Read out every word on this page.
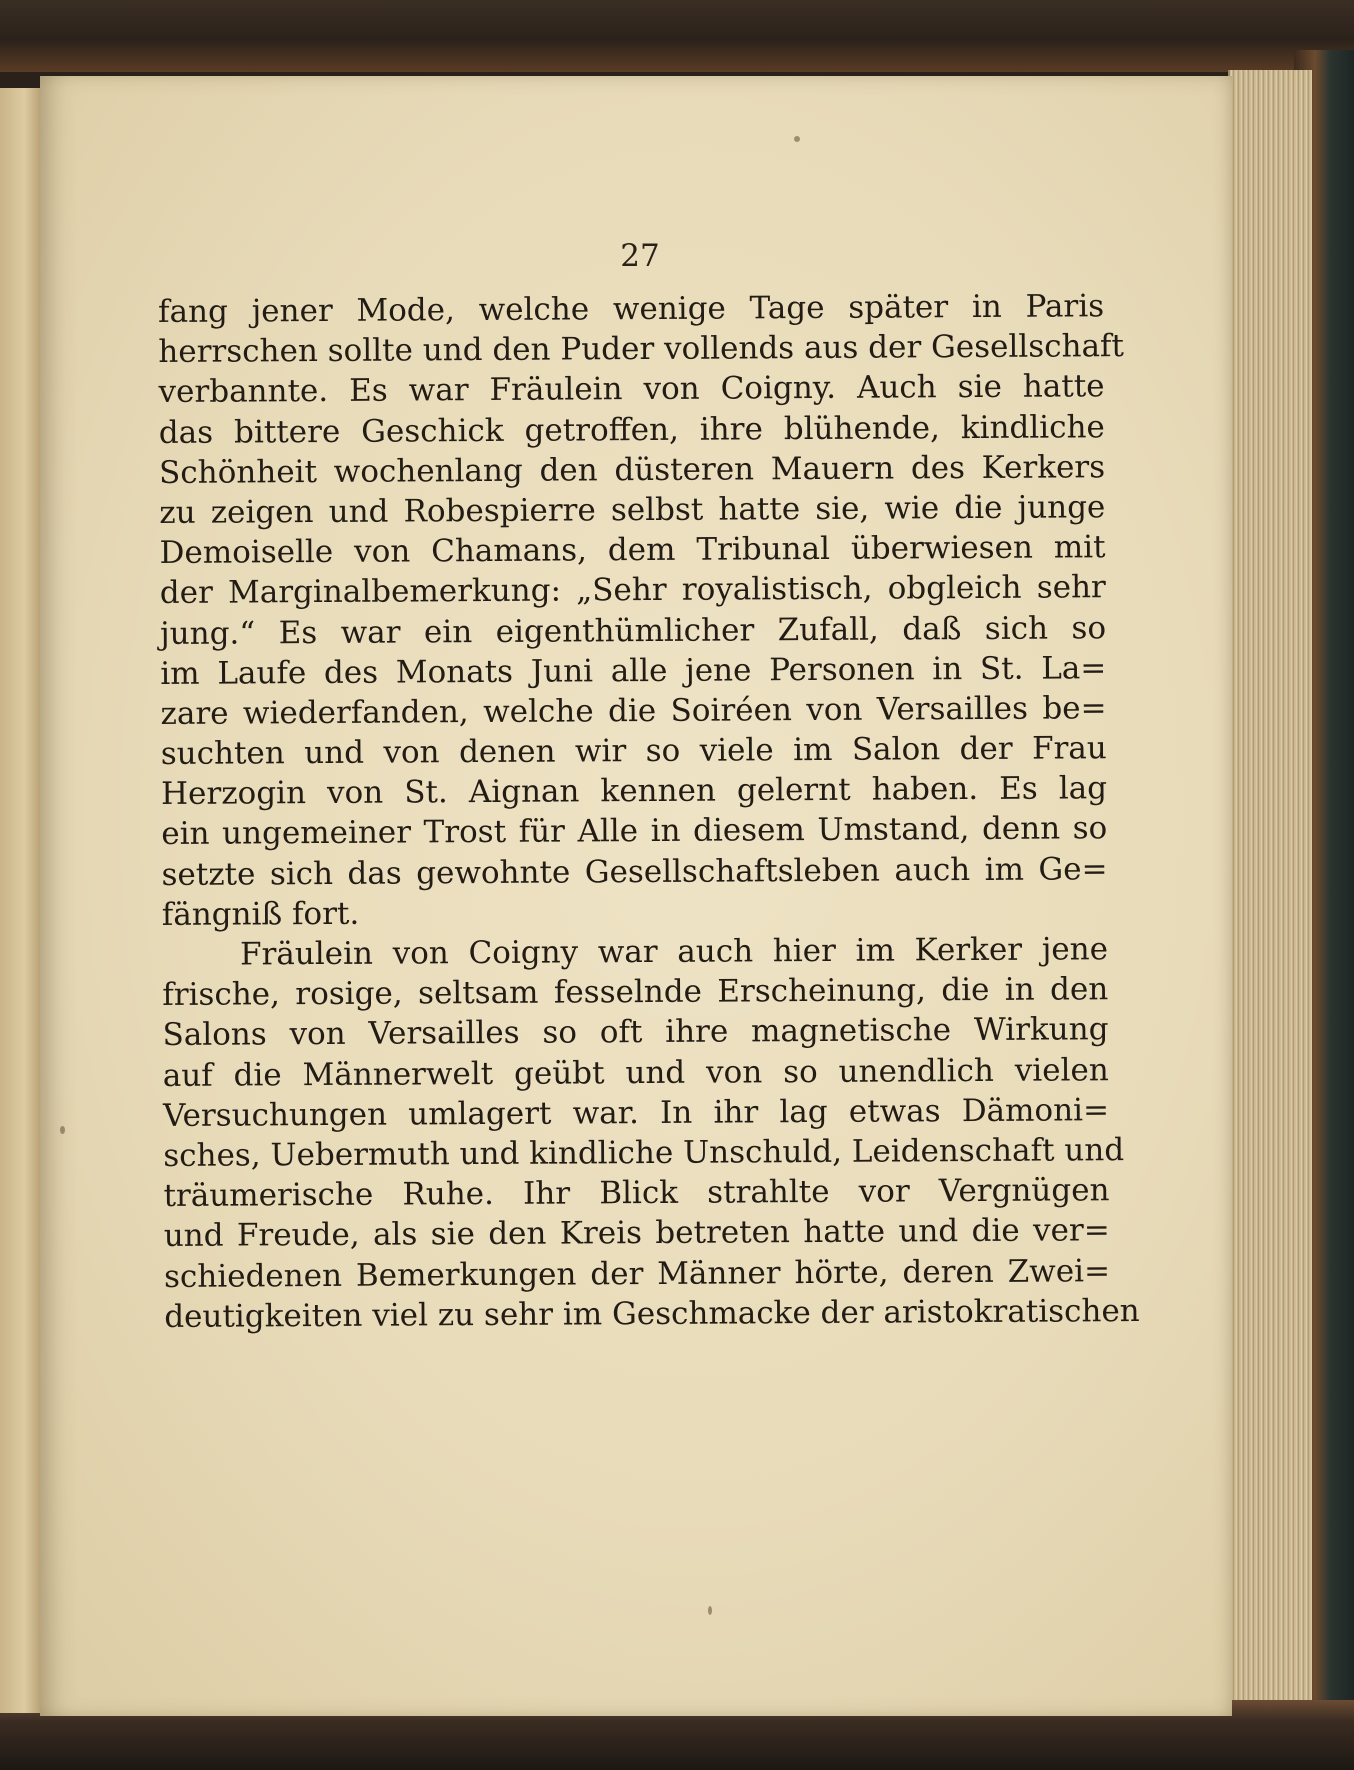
27
fang jener Mode, welche wenige Tage später in Paris
herrschen sollte und den Puder vollends aus der Gesellschaft
verbannte. Es war Fräulein von Coigny. Auch sie hatte
das bittere Geschick getroffen, ihre blühende, kindliche
Schönheit wochenlang den düsteren Mauern des Kerkers
zu zeigen und Robespierre selbst hatte sie, wie die junge
Demoiselle von Chamans, dem Tribunal überwiesen mit
der Marginalbemerkung: „Sehr royalistisch, obgleich sehr
jung.“ Es war ein eigenthümlicher Zufall, daß sich so
im Laufe des Monats Juni alle jene Personen in St. La=
zare wiederfanden, welche die Soiréen von Versailles be=
suchten und von denen wir so viele im Salon der Frau
Herzogin von St. Aignan kennen gelernt haben. Es lag
ein ungemeiner Trost für Alle in diesem Umstand, denn so
setzte sich das gewohnte Gesellschaftsleben auch im Ge=
fängniß fort.
Fräulein von Coigny war auch hier im Kerker jene
frische, rosige, seltsam fesselnde Erscheinung, die in den
Salons von Versailles so oft ihre magnetische Wirkung
auf die Männerwelt geübt und von so unendlich vielen
Versuchungen umlagert war. In ihr lag etwas Dämoni=
sches, Uebermuth und kindliche Unschuld, Leidenschaft und
träumerische Ruhe. Ihr Blick strahlte vor Vergnügen
und Freude, als sie den Kreis betreten hatte und die ver=
schiedenen Bemerkungen der Männer hörte, deren Zwei=
deutigkeiten viel zu sehr im Geschmacke der aristokratischen
